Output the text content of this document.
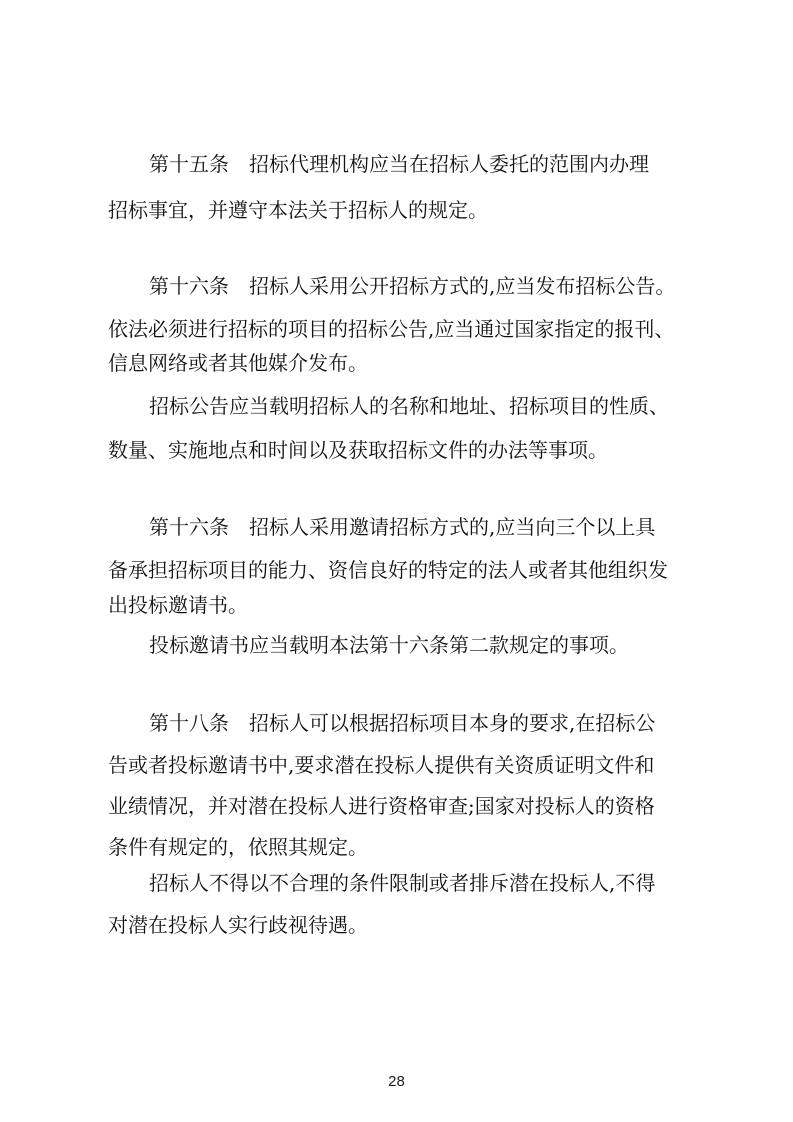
第十五条　招标代理机构应当在招标人委托的范围内办理

招标事宜，并遵守本法关于招标人的规定。

第十六条　招标人采用公开招标方式的,应当发布招标公告。

依法必须进行招标的项目的招标公告,应当通过国家指定的报刊、

信息网络或者其他媒介发布。

招标公告应当载明招标人的名称和地址、招标项目的性质、

数量、实施地点和时间以及获取招标文件的办法等事项。

第十六条　招标人采用邀请招标方式的,应当向三个以上具

备承担招标项目的能力、资信良好的特定的法人或者其他组织发

出投标邀请书。

投标邀请书应当载明本法第十六条第二款规定的事项。

第十八条　招标人可以根据招标项目本身的要求,在招标公

告或者投标邀请书中,要求潜在投标人提供有关资质证明文件和

业绩情况，并对潜在投标人进行资格审查;国家对投标人的资格

条件有规定的，依照其规定。

招标人不得以不合理的条件限制或者排斥潜在投标人,不得

对潜在投标人实行歧视待遇。

28
